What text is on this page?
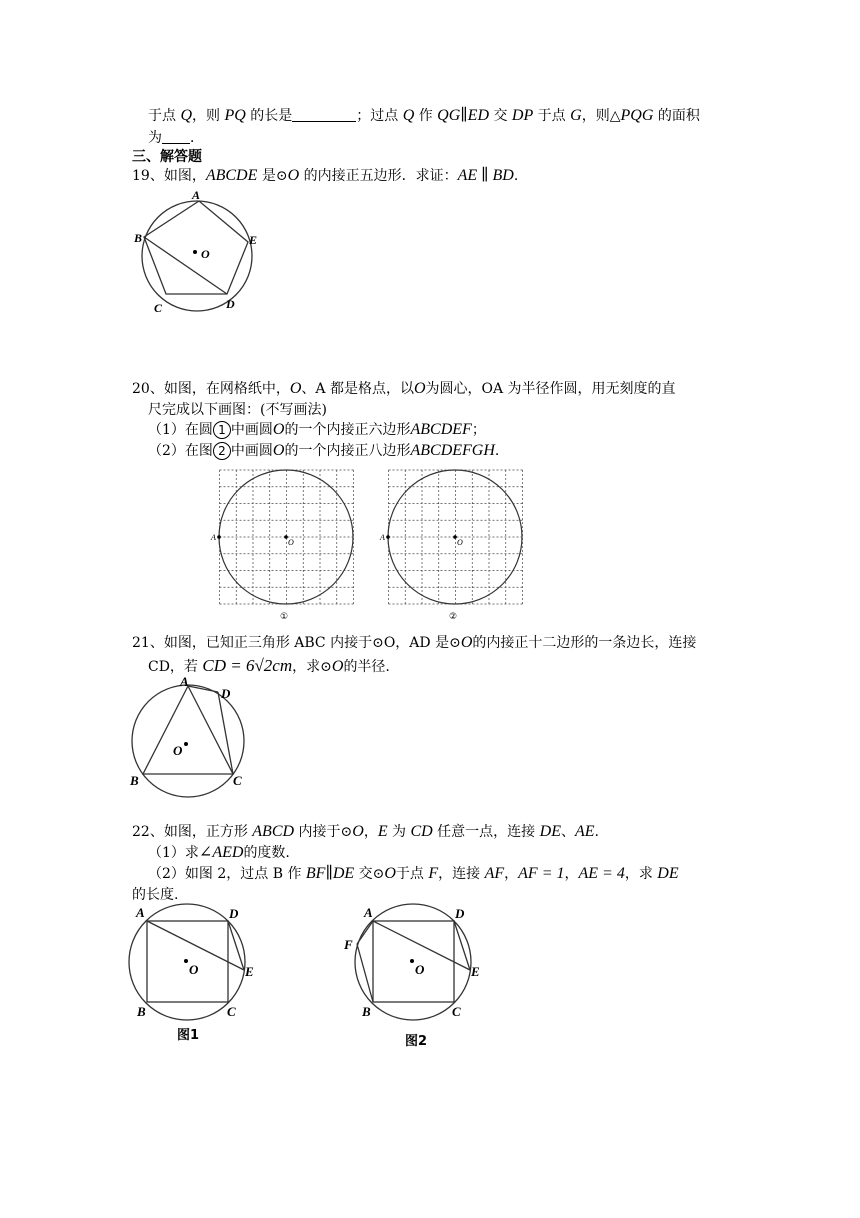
于点 Q，则 PQ 的长是	；过点 Q 作 QG∥ED 交 DP 于点 G，则△PQG 的面积
为 ．
三、解答题
19、如图，ABCDE 是⊙O 的内接正五边形．求证：AE ∥ BD.
A
B
C	D
E
O
20、如图，在网格纸中，O、A 都是格点，以O为圆心，OA 为半径作圆，用无刻度的直
尺完成以下画图：(不写画法)
（1）在圆 1 中画圆O的一个内接正六边形ABCDEF；
（2）在图 2 中画圆O的一个内接正八边形ABCDEFGH.
A
O
A
O
①	②
21、如图，已知正三角形 ABC 内接于⊙O，AD 是⊙O的内接正十二边形的一条边长，连接
CD，若 CD = 6√2cm，求⊙O的半径.
A
B	C
D
O
22、如图，正方形 ABCD 内接于⊙O，E 为 CD 任意一点，连接 DE、AE.
（1）求∠AED的度数.
（2）如图 2，过点 B 作 BF∥DE 交⊙O于点 F，连接 AF，AF = 1，AE = 4，求 DE
的长度.
A
B	C
D
E
O
图1
A
B	C
D
E
F
O
图2
